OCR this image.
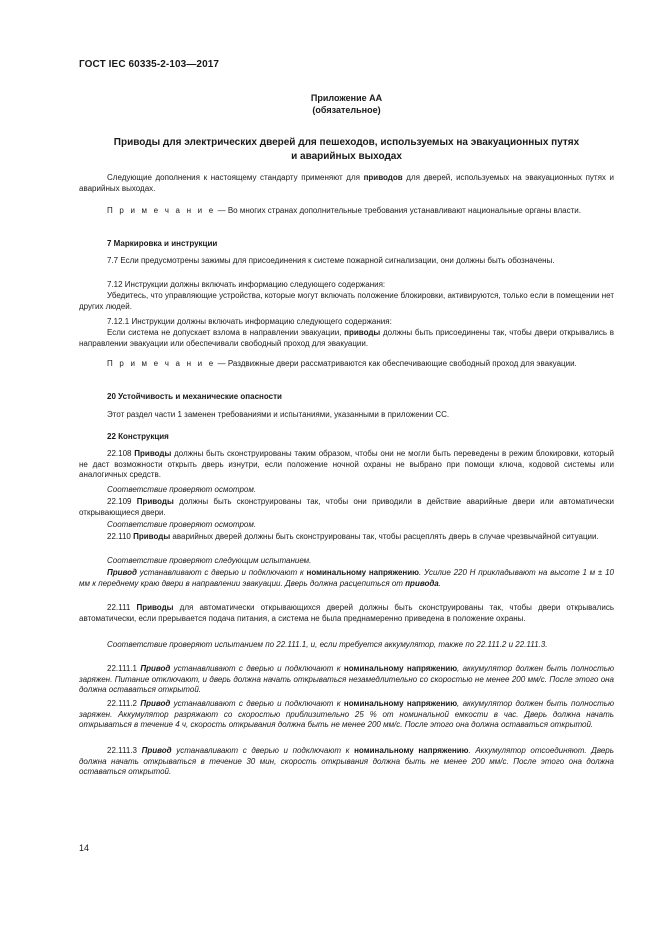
ГОСТ IEC 60335-2-103—2017
Приложение АА
(обязательное)
Приводы для электрических дверей для пешеходов, используемых на эвакуационных путях
и аварийных выходах
Следующие дополнения к настоящему стандарту применяют для приводов для дверей, используемых на эвакуационных путях и аварийных выходах.
П р и м е ч а н и е — Во многих странах дополнительные требования устанавливают национальные органы власти.
7 Маркировка и инструкции
7.7 Если предусмотрены зажимы для присоединения к системе пожарной сигнализации, они должны быть обозначены.
7.12 Инструкции должны включать информацию следующего содержания:
Убедитесь, что управляющие устройства, которые могут включать положение блокировки, активируются, только если в помещении нет других людей.
7.12.1 Инструкции должны включать информацию следующего содержания:
Если система не допускает взлома в направлении эвакуации, приводы должны быть присоединены так, чтобы двери открывались в направлении эвакуации или обеспечивали свободный проход для эвакуации.
П р и м е ч а н и е — Раздвижные двери рассматриваются как обеспечивающие свободный проход для эвакуации.
20 Устойчивость и механические опасности
Этот раздел части 1 заменен требованиями и испытаниями, указанными в приложении СС.
22 Конструкция
22.108 Приводы должны быть сконструированы таким образом, чтобы они не могли быть переведены в режим блокировки, который не даст возможности открыть дверь изнутри, если положение ночной охраны не выбрано при помощи ключа, кодовой системы или аналогичных средств.
Соответствие проверяют осмотром.
22.109 Приводы должны быть сконструированы так, чтобы они приводили в действие аварийные двери или автоматически открывающиеся двери.
Соответствие проверяют осмотром.
22.110 Приводы аварийных дверей должны быть сконструированы так, чтобы расцеплять дверь в случае чрезвычайной ситуации.
Соответствие проверяют следующим испытанием.
Привод устанавливают с дверью и подключают к номинальному напряжению. Усилие 220 Н прикладывают на высоте 1 м ± 10 мм к переднему краю двери в направлении эвакуации. Дверь должна расцепиться от привода.
22.111 Приводы для автоматически открывающихся дверей должны быть сконструированы так, чтобы двери открывались автоматически, если прерывается подача питания, а система не была преднамеренно приведена в положение охраны.
Соответствие проверяют испытанием по 22.111.1, и, если требуется аккумулятор, также по 22.111.2 и 22.111.3.
22.111.1 Привод устанавливают с дверью и подключают к номинальному напряжению, аккумулятор должен быть полностью заряжен. Питание отключают, и дверь должна начать открываться незамедлительно со скоростью не менее 200 мм/с. После этого она должна оставаться открытой.
22.111.2 Привод устанавливают с дверью и подключают к номинальному напряжению, аккумулятор должен быть полностью заряжен. Аккумулятор разряжают со скоростью приблизительно 25 % от номинальной емкости в час. Дверь должна начать открываться в течение 4 ч, скорость открывания должна быть не менее 200 мм/с. После этого она должна оставаться открытой.
22.111.3 Привод устанавливают с дверью и подключают к номинальному напряжению. Аккумулятор отсоединяют. Дверь должна начать открываться в течение 30 мин, скорость открывания должна быть не менее 200 мм/с. После этого она должна оставаться открытой.
14
